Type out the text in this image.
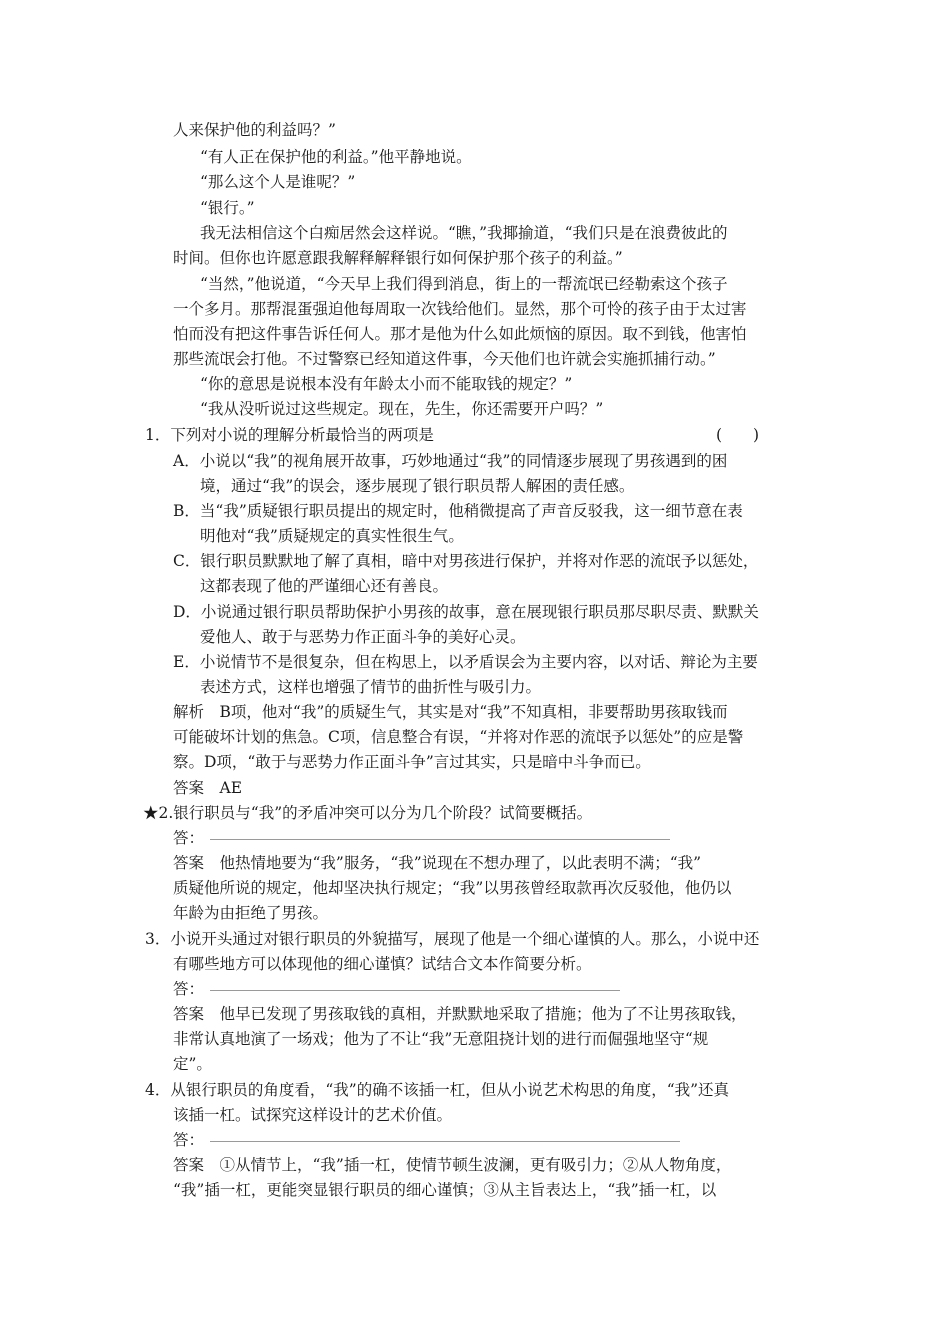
人来保护他的利益吗？”
“有人正在保护他的利益。”他平静地说。
“那么这个人是谁呢？”
“银行。”
我无法相信这个白痴居然会这样说。“瞧，”我揶揄道，“我们只是在浪费彼此的
时间。但你也许愿意跟我解释解释银行如何保护那个孩子的利益。”
“当然，”他说道，“今天早上我们得到消息，街上的一帮流氓已经勒索这个孩子
一个多月。那帮混蛋强迫他每周取一次钱给他们。显然，那个可怜的孩子由于太过害
怕而没有把这件事告诉任何人。那才是他为什么如此烦恼的原因。取不到钱，他害怕
那些流氓会打他。不过警察已经知道这件事，今天他们也许就会实施抓捕行动。”
“你的意思是说根本没有年龄太小而不能取钱的规定？”
“我从没听说过这些规定。现在，先生，你还需要开户吗？”
1．下列对小说的理解分析最恰当的两项是	(　　)
A．小说以“我”的视角展开故事，巧妙地通过“我”的同情逐步展现了男孩遇到的困
境，通过“我”的误会，逐步展现了银行职员帮人解困的责任感。
B．当“我”质疑银行职员提出的规定时，他稍微提高了声音反驳我，这一细节意在表
明他对“我”质疑规定的真实性很生气。
C．银行职员默默地了解了真相，暗中对男孩进行保护，并将对作恶的流氓予以惩处，
这都表现了他的严谨细心还有善良。
D．小说通过银行职员帮助保护小男孩的故事，意在展现银行职员那尽职尽责、默默关
爱他人、敢于与恶势力作正面斗争的美好心灵。
E．小说情节不是很复杂，但在构思上，以矛盾误会为主要内容，以对话、辩论为主要
表述方式，这样也增强了情节的曲折性与吸引力。
解析　B项，他对“我”的质疑生气，其实是对“我”不知真相，非要帮助男孩取钱而
可能破坏计划的焦急。C项，信息整合有误，“并将对作恶的流氓予以惩处”的应是警
察。D项，“敢于与恶势力作正面斗争”言过其实，只是暗中斗争而已。
答案　AE
★2.银行职员与“我”的矛盾冲突可以分为几个阶段？试简要概括。
答：
答案　他热情地要为“我”服务，“我”说现在不想办理了，以此表明不满；“我”
质疑他所说的规定，他却坚决执行规定；“我”以男孩曾经取款再次反驳他，他仍以
年龄为由拒绝了男孩。
3．小说开头通过对银行职员的外貌描写，展现了他是一个细心谨慎的人。那么，小说中还
有哪些地方可以体现他的细心谨慎？试结合文本作简要分析。
答：
答案　他早已发现了男孩取钱的真相，并默默地采取了措施；他为了不让男孩取钱，
非常认真地演了一场戏；他为了不让“我”无意阻挠计划的进行而倔强地坚守“规
定”。
4．从银行职员的角度看，“我”的确不该插一杠，但从小说艺术构思的角度，“我”还真
该插一杠。试探究这样设计的艺术价值。
答：
答案　①从情节上，“我”插一杠，使情节顿生波澜，更有吸引力；②从人物角度，
“我”插一杠，更能突显银行职员的细心谨慎；③从主旨表达上，“我”插一杠，以
